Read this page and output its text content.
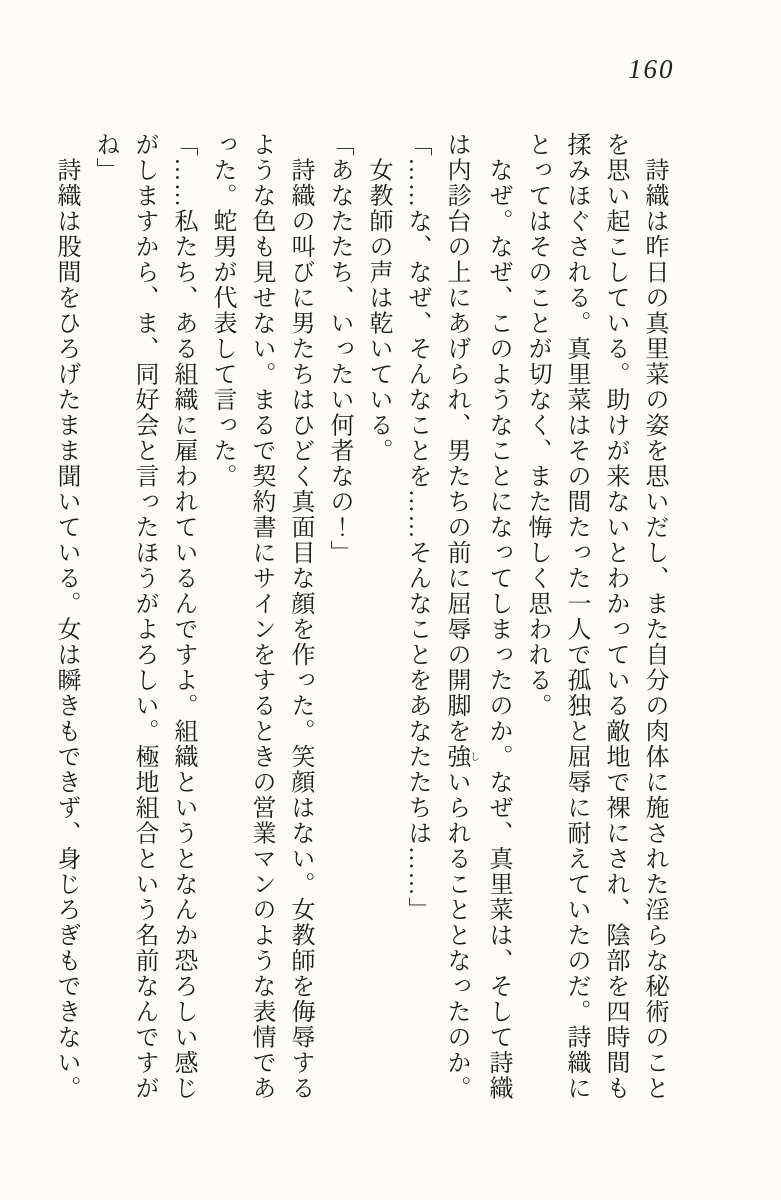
160
　詩織は昨日の真里菜の姿を思いだし、また自分の肉体に施された淫らな秘術のこと
を思い起こしている。助けが来ないとわかっている敵地で裸にされ、陰部を四時間も
揉みほぐされる。真里菜はその間たった一人で孤独と屈辱に耐えていたのだ。詩織に
とってはそのことが切なく、また悔しく思われる。
　なぜ。なぜ、このようなことになってしまったのか。なぜ、真里菜は、そして詩織
は内診台の上にあげられ、男たちの前に屈辱の開脚を強しいられることとなったのか。
「……な、なぜ、そんなことを……そんなことをあなたたちは……」
　女教師の声は乾いている。
「あなたたち、いったい何者なの！」
　詩織の叫びに男たちはひどく真面目な顔を作った。笑顔はない。女教師を侮辱する
ような色も見せない。まるで契約書にサインをするときの営業マンのような表情であ
った。蛇男が代表して言った。
「……私たち、ある組織に雇われているんですよ。組織というとなんか恐ろしい感じ
がしますから、ま、同好会と言ったほうがよろしい。極地組合という名前なんですが
ね」
　詩織は股間をひろげたまま聞いている。女は瞬きもできず、身じろぎもできない。
